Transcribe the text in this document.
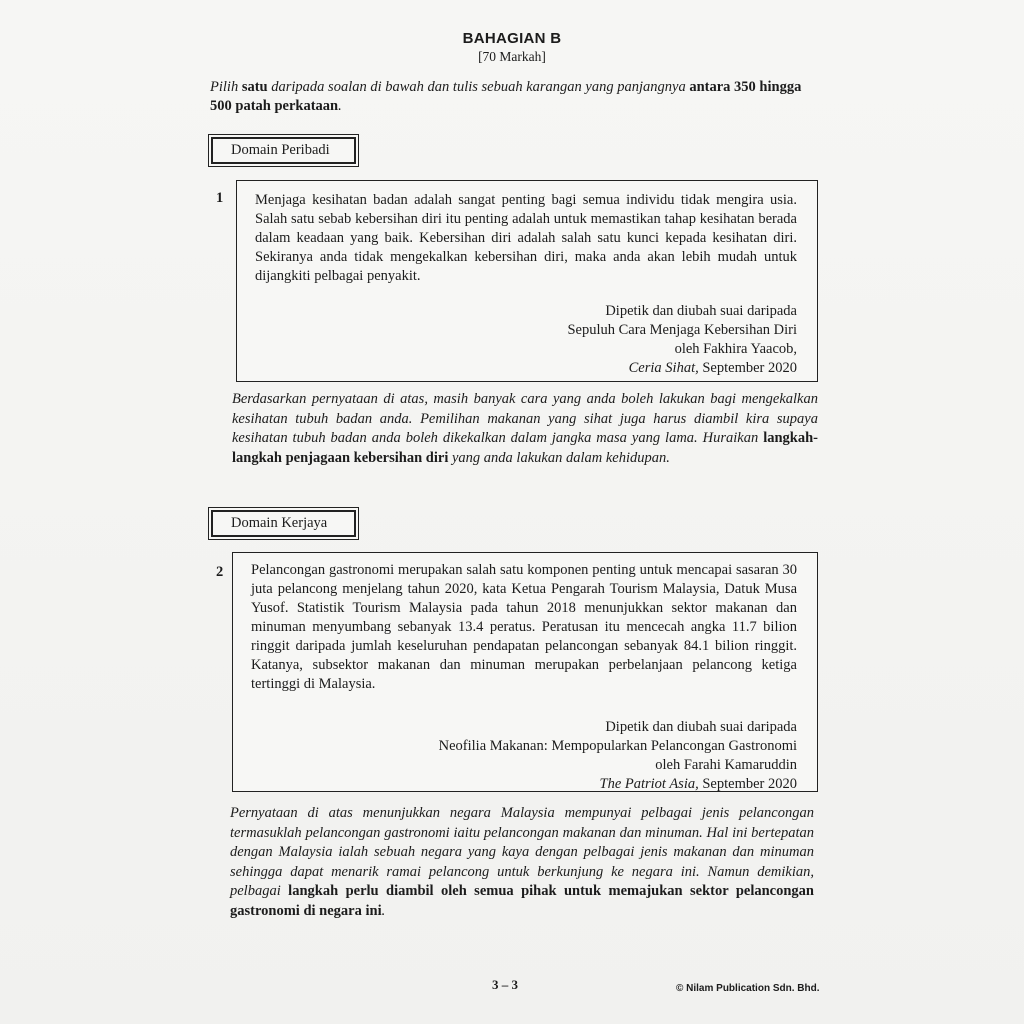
BAHAGIAN B
[70 Markah]
Pilih satu daripada soalan di bawah dan tulis sebuah karangan yang panjangnya antara 350 hingga 500 patah perkataan.
Domain Peribadi
1 Menjaga kesihatan badan adalah sangat penting bagi semua individu tidak mengira usia. Salah satu sebab kebersihan diri itu penting adalah untuk memastikan tahap kesihatan berada dalam keadaan yang baik. Kebersihan diri adalah salah satu kunci kepada kesihatan diri. Sekiranya anda tidak mengekalkan kebersihan diri, maka anda akan lebih mudah untuk dijangkiti pelbagai penyakit.
Dipetik dan diubah suai daripada
Sepuluh Cara Menjaga Kebersihan Diri
oleh Fakhira Yaacob,
Ceria Sihat, September 2020
Berdasarkan pernyataan di atas, masih banyak cara yang anda boleh lakukan bagi mengekalkan kesihatan tubuh badan anda. Pemilihan makanan yang sihat juga harus diambil kira supaya kesihatan tubuh badan anda boleh dikekalkan dalam jangka masa yang lama. Huraikan langkah-langkah penjagaan kebersihan diri yang anda lakukan dalam kehidupan.
Domain Kerjaya
2 Pelancongan gastronomi merupakan salah satu komponen penting untuk mencapai sasaran 30 juta pelancong menjelang tahun 2020, kata Ketua Pengarah Tourism Malaysia, Datuk Musa Yusof. Statistik Tourism Malaysia pada tahun 2018 menunjukkan sektor makanan dan minuman menyumbang sebanyak 13.4 peratus. Peratusan itu mencecah angka 11.7 bilion ringgit daripada jumlah keseluruhan pendapatan pelancongan sebanyak 84.1 bilion ringgit. Katanya, subsektor makanan dan minuman merupakan perbelanjaan pelancong ketiga tertinggi di Malaysia.
Dipetik dan diubah suai daripada
Neofilia Makanan: Mempopularkan Pelancongan Gastronomi
oleh Farahi Kamaruddin
The Patriot Asia, September 2020
Pernyataan di atas menunjukkan negara Malaysia mempunyai pelbagai jenis pelancongan termasuklah pelancongan gastronomi iaitu pelancongan makanan dan minuman. Hal ini bertepatan dengan Malaysia ialah sebuah negara yang kaya dengan pelbagai jenis makanan dan minuman sehingga dapat menarik ramai pelancong untuk berkunjung ke negara ini. Namun demikian, pelbagai langkah perlu diambil oleh semua pihak untuk memajukan sektor pelancongan gastronomi di negara ini.
3 – 3	© Nilam Publication Sdn. Bhd.
